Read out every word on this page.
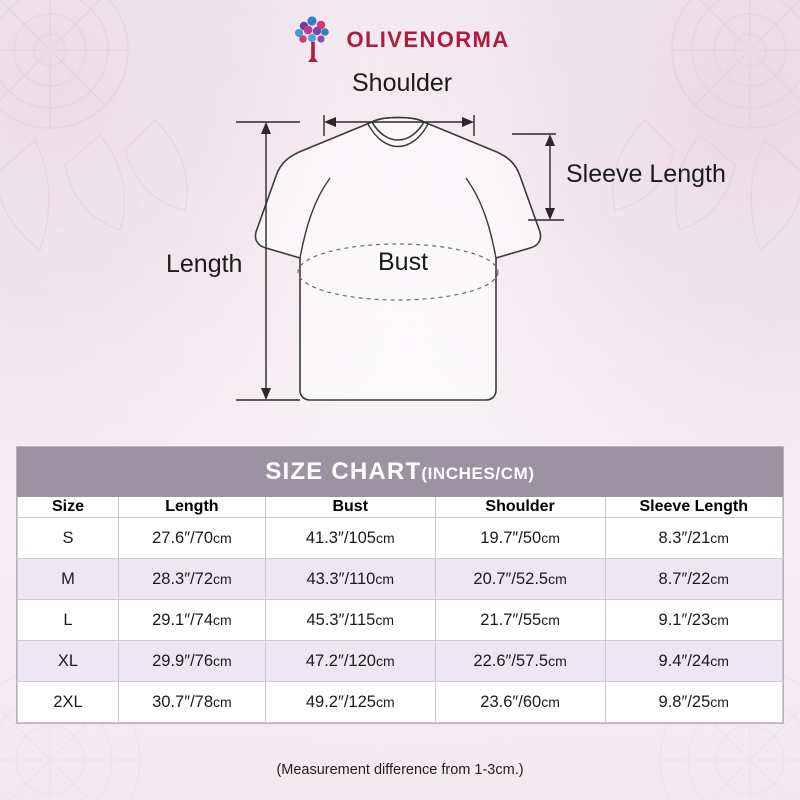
OLIVENORMA
Shoulder
Sleeve Length
Length	Bust
SIZE CHART(INCHES/CM)				
Size	Length	Bust	Shoulder	Sleeve Length
S	27.6″/70cm	41.3″/105cm	19.7″/50cm	8.3″/21cm
M	28.3″/72cm	43.3″/110cm	20.7″/52.5cm	8.7″/22cm
L	29.1″/74cm	45.3″/115cm	21.7″/55cm	9.1″/23cm
XL	29.9″/76cm	47.2″/120cm	22.6″/57.5cm	9.4″/24cm
2XL	30.7″/78cm	49.2″/125cm	23.6″/60cm	9.8″/25cm
(Measurement difference from 1-3cm.)
